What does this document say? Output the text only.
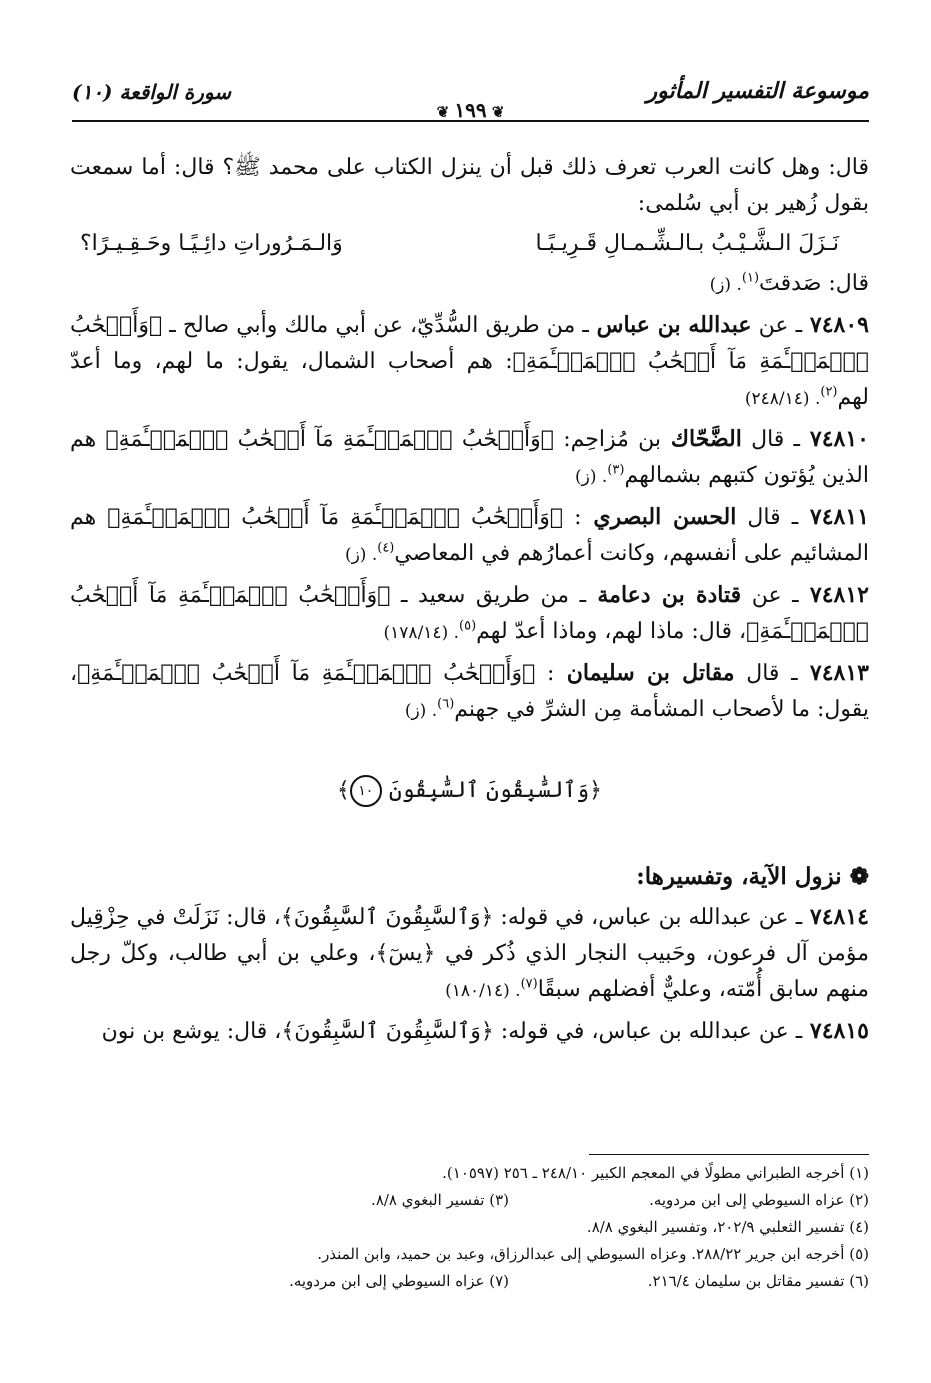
موسوعة التفسير المأثور
سورة الواقعة (١٠)
❦ ١٩٩ ❦

قال: وهل كانت العرب تعرف ذلك قبل أن ينزل الكتاب على محمد ﷺ؟ قال: أما سمعت بقول زُهير بن أبي سُلمى:

نَـزَلَ الـشَّـيْـبُ بـالـشِّـمـالِ قَـرِيـبًـا
وَالـمَـرُوراتِ دائِـيًـا وحَـقِـيـرًا؟

قال: صَدقتَ$^{(١)}$. (ز)

٧٤٨٠٩ ـ عن عبدالله بن عباس ـ من طريق السُّدِّيّ، عن أبي مالك وأبي صالح ـ ﴿وَأَصۡحَٰبُ ٱلۡمَشۡـَٔمَةِ مَآ أَصۡحَٰبُ ٱلۡمَشۡـَٔمَةِ﴾: هم أصحاب الشمال، يقول: ما لهم، وما أعدّ لهم$^{(٢)}$. (٢٤٨/١٤)

٧٤٨١٠ ـ قال الضَّحّاك بن مُزاحِم: ﴿وَأَصۡحَٰبُ ٱلۡمَشۡـَٔمَةِ مَآ أَصۡحَٰبُ ٱلۡمَشۡـَٔمَةِ﴾ هم الذين يُؤتون كتبهم بشمالهم$^{(٣)}$. (ز)

٧٤٨١١ ـ قال الحسن البصري : ﴿وَأَصۡحَٰبُ ٱلۡمَشۡـَٔمَةِ مَآ أَصۡحَٰبُ ٱلۡمَشۡـَٔمَةِ﴾ هم المشائيم على أنفسهم، وكانت أعمارُهم في المعاصي$^{(٤)}$. (ز)

٧٤٨١٢ ـ عن قتادة بن دعامة ـ من طريق سعيد ـ ﴿وَأَصۡحَٰبُ ٱلۡمَشۡـَٔمَةِ مَآ أَصۡحَٰبُ ٱلۡمَشۡـَٔمَةِ﴾، قال: ماذا لهم، وماذا أعدّ لهم$^{(٥)}$. (١٧٨/١٤)

٧٤٨١٣ ـ قال مقاتل بن سليمان : ﴿وَأَصۡحَٰبُ ٱلۡمَشۡـَٔمَةِ مَآ أَصۡحَٰبُ ٱلۡمَشۡـَٔمَةِ﴾، يقول: ما لأصحاب المشأمة مِن الشرِّ في جهنم$^{(٦)}$. (ز)

﴿وَٱلسَّٰبِقُونَ ٱلسَّٰبِقُونَ ١٠﴾
❁ نزول الآية، وتفسيرها:

٧٤٨١٤ ـ عن عبدالله بن عباس، في قوله: ﴿وَٱلسَّٰبِقُونَ ٱلسَّٰبِقُونَ﴾، قال: نَزَلَتْ في حِزْقِيل مؤمن آل فرعون، وحَبيب النجار الذي ذُكر في ﴿يسٓ﴾، وعلي بن أبي طالب، وكلّ رجل منهم سابق أُمّته، وعليٌّ أفضلهم سبقًا$^{(٧)}$. (١٨٠/١٤)

٧٤٨١٥ ـ عن عبدالله بن عباس، في قوله: ﴿وَٱلسَّٰبِقُونَ ٱلسَّٰبِقُونَ﴾، قال: يوشع بن نون

(١) أخرجه الطبراني مطولًا في المعجم الكبير ٢٤٨/١٠ ـ ٢٥٦ (١٠٥٩٧).
(٢) عزاه السيوطي إلى ابن مردويه.
(٣) تفسير البغوي ٨/٨.
(٤) تفسير الثعلبي ٢٠٢/٩، وتفسير البغوي ٨/٨.
(٥) أخرجه ابن جرير ٢٨٨/٢٢. وعزاه السيوطي إلى عبدالرزاق، وعبد بن حميد، وابن المنذر.
(٦) تفسير مقاتل بن سليمان ٢١٦/٤.
(٧) عزاه السيوطي إلى ابن مردويه.
